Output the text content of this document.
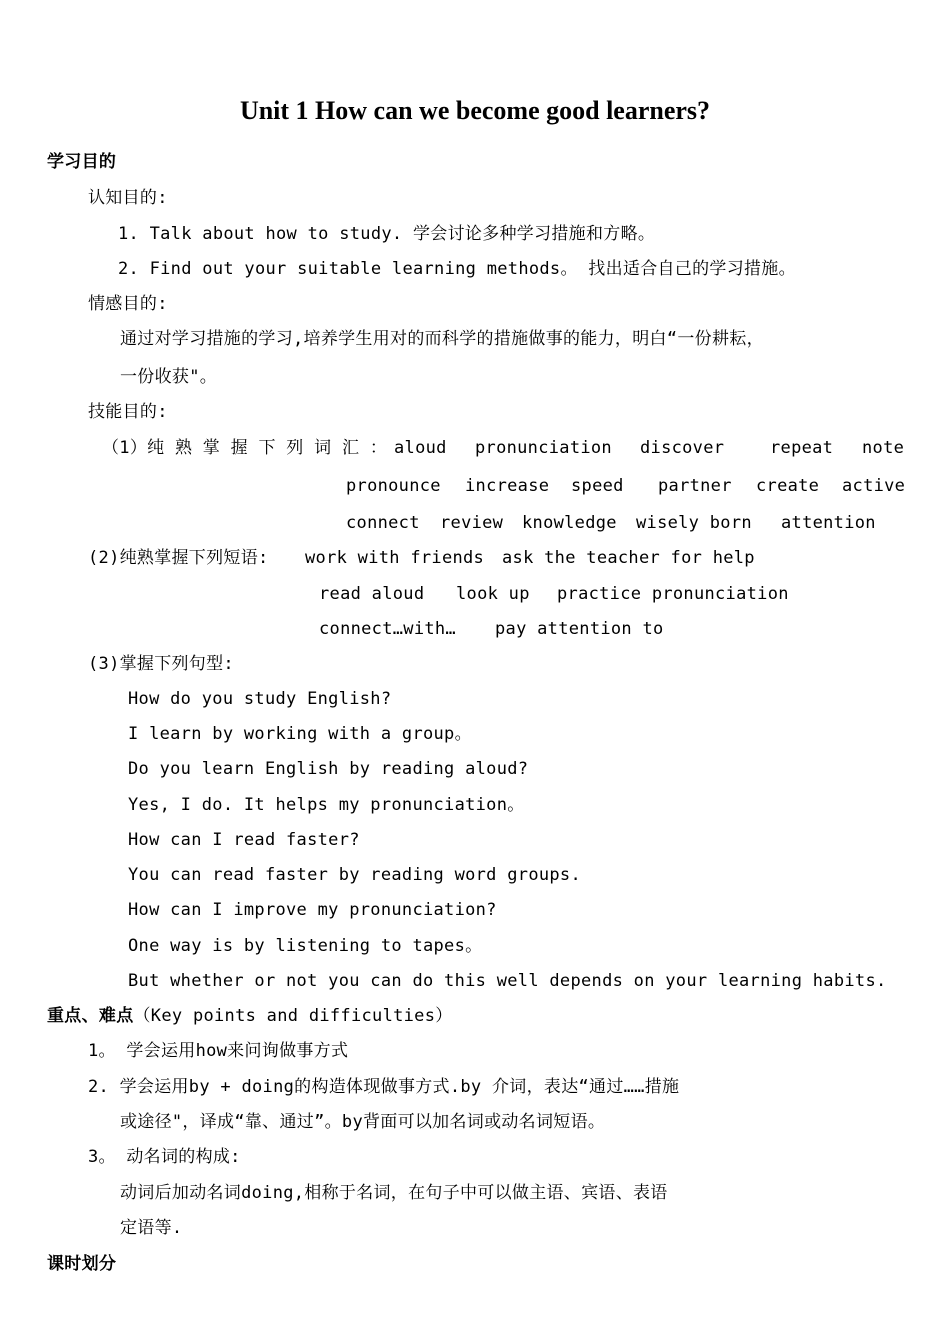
Unit 1 How can we become good learners?
学习目的
认知目的:
1. Talk about how to study. 学会讨论多种学习措施和方略。
2. Find out your suitable learning methods。 找出适合自己的学习措施。
情感目的:
通过对学习措施的学习,培养学生用对的而科学的措施做事的能力，明白“一份耕耘，
一份收获"。
技能目的:
（1）纯 熟 掌 握 下 列 词 汇 ： aloud pronunciation discover	repeat note
pronounce increase speed partner create active
connect review knowledge wisely born attention
(2)纯熟掌握下列短语: work with friends ask the teacher for help
read aloud look up practice pronunciation
connect…with… pay attention to
(3)掌握下列句型:
How do you study English?
I learn by working with a group。
Do you learn English by reading aloud?
Yes, I do. It helps my pronunciation。
How can I read faster?
You can read faster by reading word groups.
How can I improve my pronunciation?
One way is by listening to tapes。
But whether or not you can do this well depends on your learning habits.
重点、难点（Key points and difficulties）
1。 学会运用how来问询做事方式
2. 学会运用by + doing的构造体现做事方式.by 介词，表达“通过……措施
或途径"，译成“靠、通过”。by背面可以加名词或动名词短语。
3。 动名词的构成:
动词后加动名词doing,相称于名词，在句子中可以做主语、宾语、表语
定语等.
课时划分
